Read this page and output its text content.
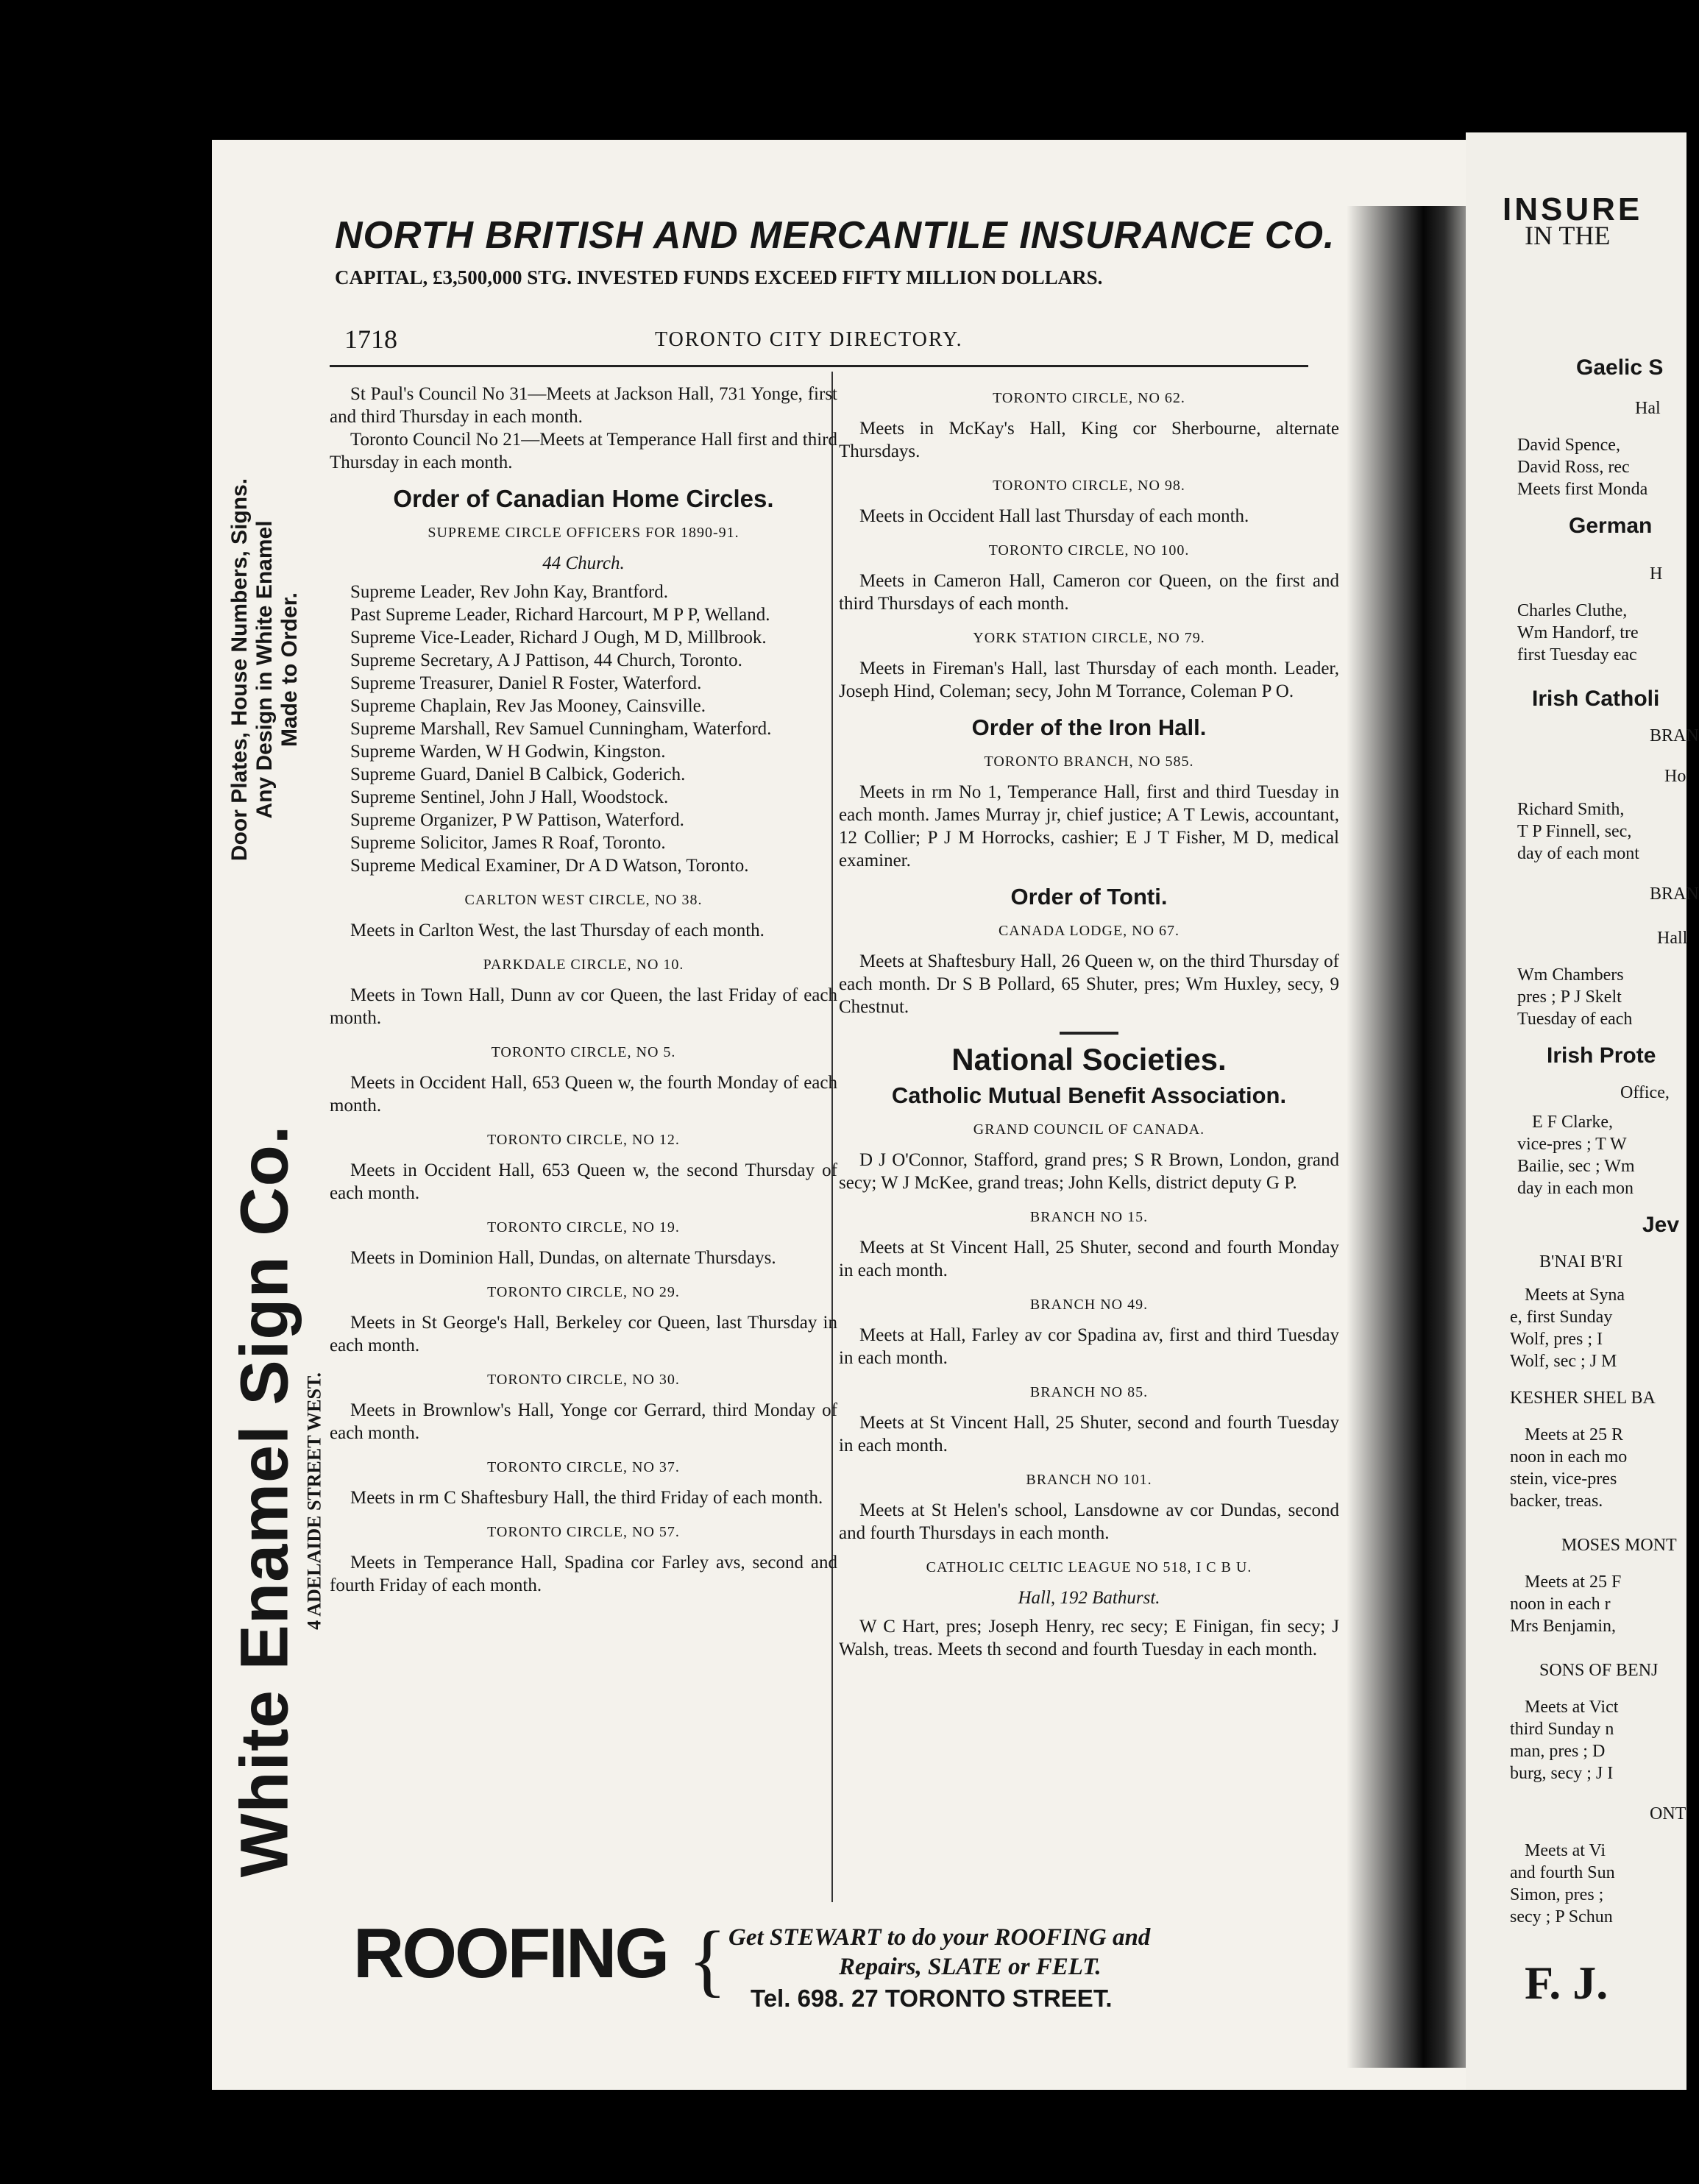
INSURE
IN THE
Gaelic S
Hal
David Spence,
David Ross, rec
Meets first Monda
German
H
Charles Cluthe,
Wm Handorf, tre
first Tuesday eac
Irish Catholi
BRAN
Ho
Richard Smith,
T P Finnell, sec,
day of each mont
BRAN
Hall
Wm Chambers
pres ; P J Skelt
Tuesday of each
Irish Prote
Office,
E F Clarke,
vice-pres ; T W
Bailie, sec ; Wm
day in each mon
Jev
B'NAI B'RI
Meets at Syna
e, first Sunday
Wolf, pres ; I
Wolf, sec ; J M
KESHER SHEL BA
Meets at 25 R
noon in each mo
stein, vice-pres
backer, treas.
MOSES MONT
Meets at 25 F
noon in each r
Mrs Benjamin,
SONS OF BENJ
Meets at Vict
third Sunday n
man, pres ; D
burg, secy ; J I
ONT
Meets at Vi
and fourth Sun
Simon, pres ;
secy ; P Schun
F. J.
NORTH BRITISH AND MERCANTILE INSURANCE CO.
CAPITAL, £3,500,000 STG. INVESTED FUNDS EXCEED FIFTY MILLION DOLLARS.
1718	TORONTO CITY DIRECTORY.
Door Plates, House Numbers, Signs. Any Design in White Enamel Made to Order.
White Enamel Sign Co. 4 ADELAIDE STREET WEST.

St Paul's Council No 31—Meets at Jackson Hall, 731 Yonge, first and third Thursday in each month.

Toronto Council No 21—Meets at Temperance Hall first and third Thursday in each month.

Order of Canadian Home Circles.
SUPREME CIRCLE OFFICERS FOR 1890-91.
44 Church.

Supreme Leader, Rev John Kay, Brantford.

Past Supreme Leader, Richard Harcourt, M P P, Welland.

Supreme Vice-Leader, Richard J Ough, M D, Millbrook.

Supreme Secretary, A J Pattison, 44 Church, Toronto.

Supreme Treasurer, Daniel R Foster, Waterford.

Supreme Chaplain, Rev Jas Mooney, Cainsville.

Supreme Marshall, Rev Samuel Cunningham, Waterford.

Supreme Warden, W H Godwin, Kingston.

Supreme Guard, Daniel B Calbick, Goderich.

Supreme Sentinel, John J Hall, Woodstock.

Supreme Organizer, P W Pattison, Waterford.

Supreme Solicitor, James R Roaf, Toronto.

Supreme Medical Examiner, Dr A D Watson, Toronto.

CARLTON WEST CIRCLE, NO 38.

Meets in Carlton West, the last Thursday of each month.

PARKDALE CIRCLE, NO 10.

Meets in Town Hall, Dunn av cor Queen, the last Friday of each month.

TORONTO CIRCLE, NO 5.

Meets in Occident Hall, 653 Queen w, the fourth Monday of each month.

TORONTO CIRCLE, NO 12.

Meets in Occident Hall, 653 Queen w, the second Thursday of each month.

TORONTO CIRCLE, NO 19.

Meets in Dominion Hall, Dundas, on alternate Thursdays.

TORONTO CIRCLE, NO 29.

Meets in St George's Hall, Berkeley cor Queen, last Thursday in each month.

TORONTO CIRCLE, NO 30.

Meets in Brownlow's Hall, Yonge cor Gerrard, third Monday of each month.

TORONTO CIRCLE, NO 37.

Meets in rm C Shaftesbury Hall, the third Friday of each month.

TORONTO CIRCLE, NO 57.

Meets in Temperance Hall, Spadina cor Farley avs, second and fourth Friday of each month.

TORONTO CIRCLE, NO 62.

Meets in McKay's Hall, King cor Sherbourne, alternate Thursdays.

TORONTO CIRCLE, NO 98.

Meets in Occident Hall last Thursday of each month.

TORONTO CIRCLE, NO 100.

Meets in Cameron Hall, Cameron cor Queen, on the first and third Thursdays of each month.

YORK STATION CIRCLE, NO 79.

Meets in Fireman's Hall, last Thursday of each month. Leader, Joseph Hind, Coleman; secy, John M Torrance, Coleman P O.

Order of the Iron Hall.
TORONTO BRANCH, NO 585.

Meets in rm No 1, Temperance Hall, first and third Tuesday in each month. James Murray jr, chief justice; A T Lewis, accountant, 12 Collier; P J M Horrocks, cashier; E J T Fisher, M D, medical examiner.

Order of Tonti.
CANADA LODGE, NO 67.

Meets at Shaftesbury Hall, 26 Queen w, on the third Thursday of each month. Dr S B Pollard, 65 Shuter, pres; Wm Huxley, secy, 9 Chestnut.

National Societies.
Catholic Mutual Benefit Association.
GRAND COUNCIL OF CANADA.

D J O'Connor, Stafford, grand pres; S R Brown, London, grand secy; W J McKee, grand treas; John Kells, district deputy G P.

BRANCH NO 15.

Meets at St Vincent Hall, 25 Shuter, second and fourth Monday in each month.

BRANCH NO 49.

Meets at Hall, Farley av cor Spadina av, first and third Tuesday in each month.

BRANCH NO 85.

Meets at St Vincent Hall, 25 Shuter, second and fourth Tuesday in each month.

BRANCH NO 101.

Meets at St Helen's school, Lansdowne av cor Dundas, second and fourth Thursdays in each month.

CATHOLIC CELTIC LEAGUE NO 518, I C B U.
Hall, 192 Bathurst.

W C Hart, pres; Joseph Henry, rec secy; E Finigan, fin secy; J Walsh, treas. Meets th second and fourth Tuesday in each month.

ROOFING { Get STEWART to do your ROOFING and
Repairs, SLATE or FELT.
Tel. 698. 27 TORONTO STREET.
